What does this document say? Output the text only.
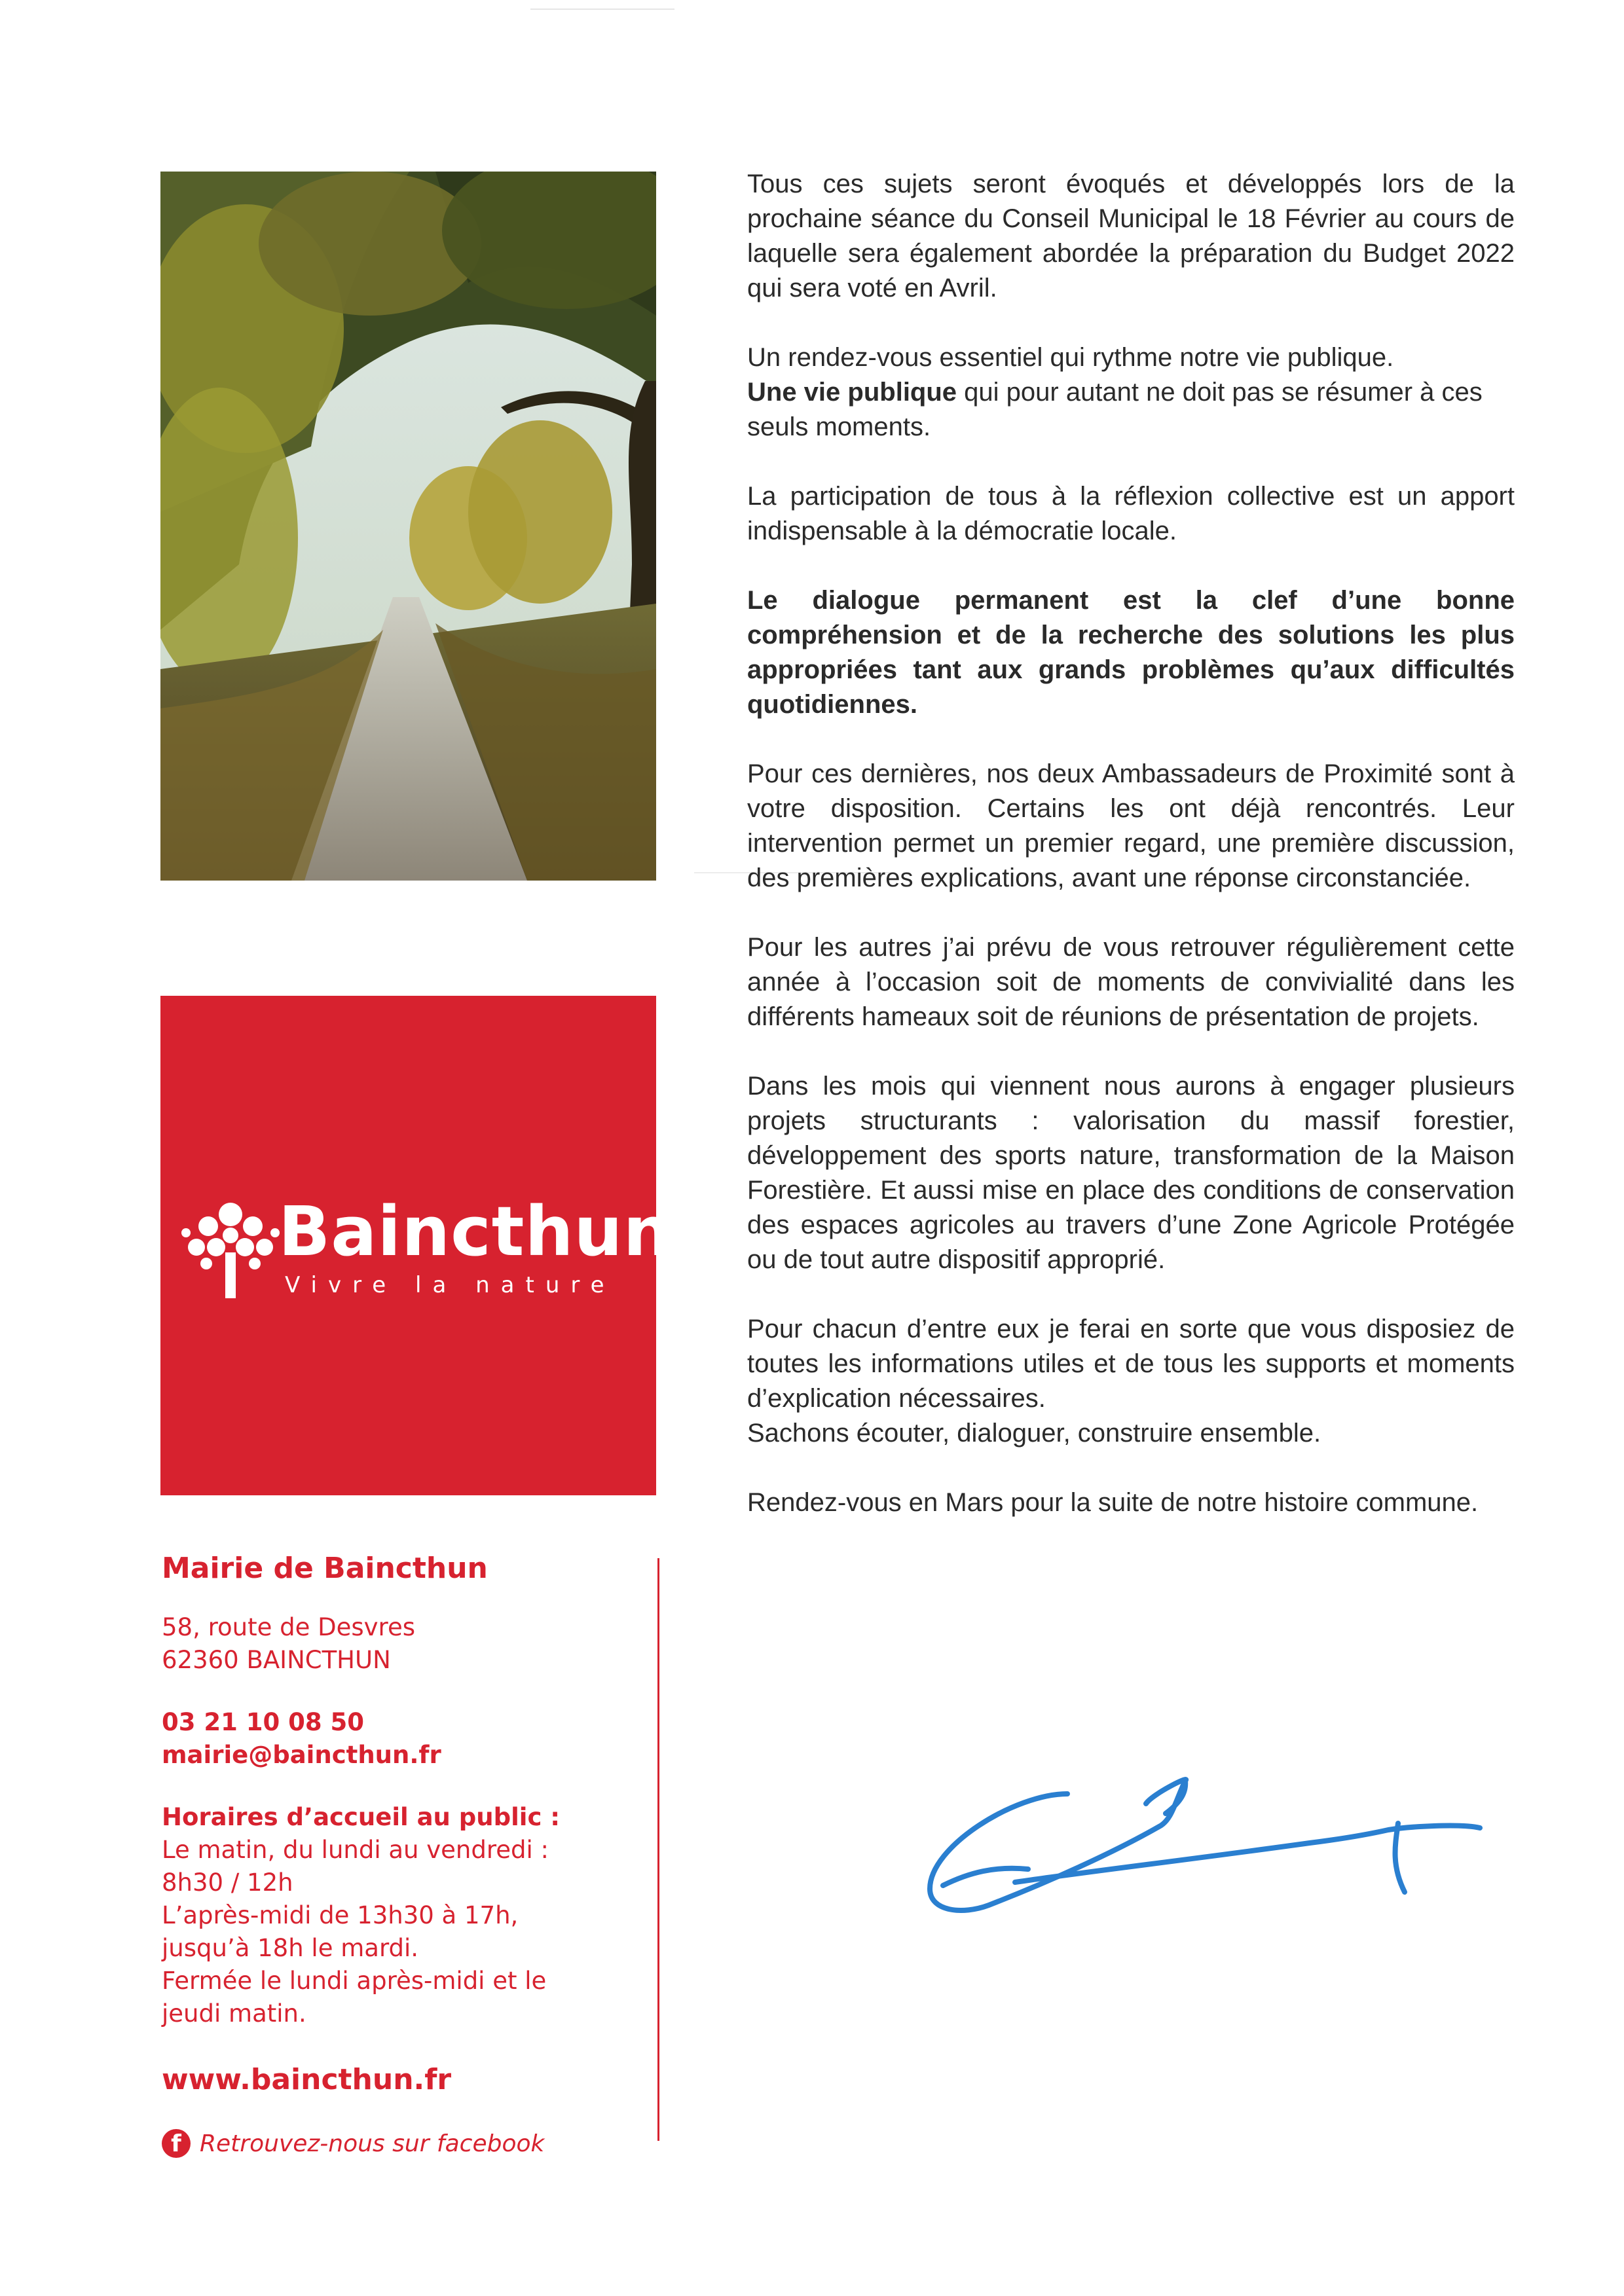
Baincthun
Vivre la nature
Mairie de Baincthun
58, route de Desvres
62360 BAINCTHUN
03 21 10 08 50
mairie@baincthun.fr
Horaires d’accueil au public :
Le matin, du lundi au vendredi :
8h30 / 12h
L’après-midi de 13h30 à 17h,
jusqu’à 18h le mardi.
Fermée le lundi après-midi et le
jeudi matin.
www.baincthun.fr
f Retrouvez-nous sur facebook

Tous ces sujets seront évoqués et développés lors de la prochaine séance du Conseil Municipal le 18 Février au cours de laquelle sera également abordée la préparation du Budget 2022 qui sera voté en Avril.

Un rendez-vous essentiel qui rythme notre vie publique.
Une vie publique qui pour autant ne doit pas se résumer à ces seuls moments.

La participation de tous à la réflexion collective est un apport indispensable à la démocratie locale.

Le dialogue permanent est la clef d’une bonne compréhension et de la recherche des solutions les plus appropriées tant aux grands problèmes qu’aux difficultés quotidiennes.

Pour ces dernières, nos deux Ambassadeurs de Proximité sont à votre disposition. Certains les ont déjà rencontrés. Leur intervention permet un premier regard, une première discussion, des premières explications, avant une réponse circonstanciée.

Pour les autres j’ai prévu de vous retrouver régulièrement cette année à l’occasion soit de moments de convivialité dans les différents hameaux soit de réunions de présentation de projets.

Dans les mois qui viennent nous aurons à engager plusieurs projets structurants : valorisation du massif forestier, développement des sports nature, transformation de la Maison Forestière. Et aussi mise en place des conditions de conservation des espaces agricoles au travers d’une Zone Agricole Protégée ou de tout autre dispositif approprié.

Pour chacun d’entre eux je ferai en sorte que vous disposiez de toutes les informations utiles et de tous les supports et moments d’explication nécessaires.
Sachons écouter, dialoguer, construire ensemble.

Rendez-vous en Mars pour la suite de notre histoire commune.
